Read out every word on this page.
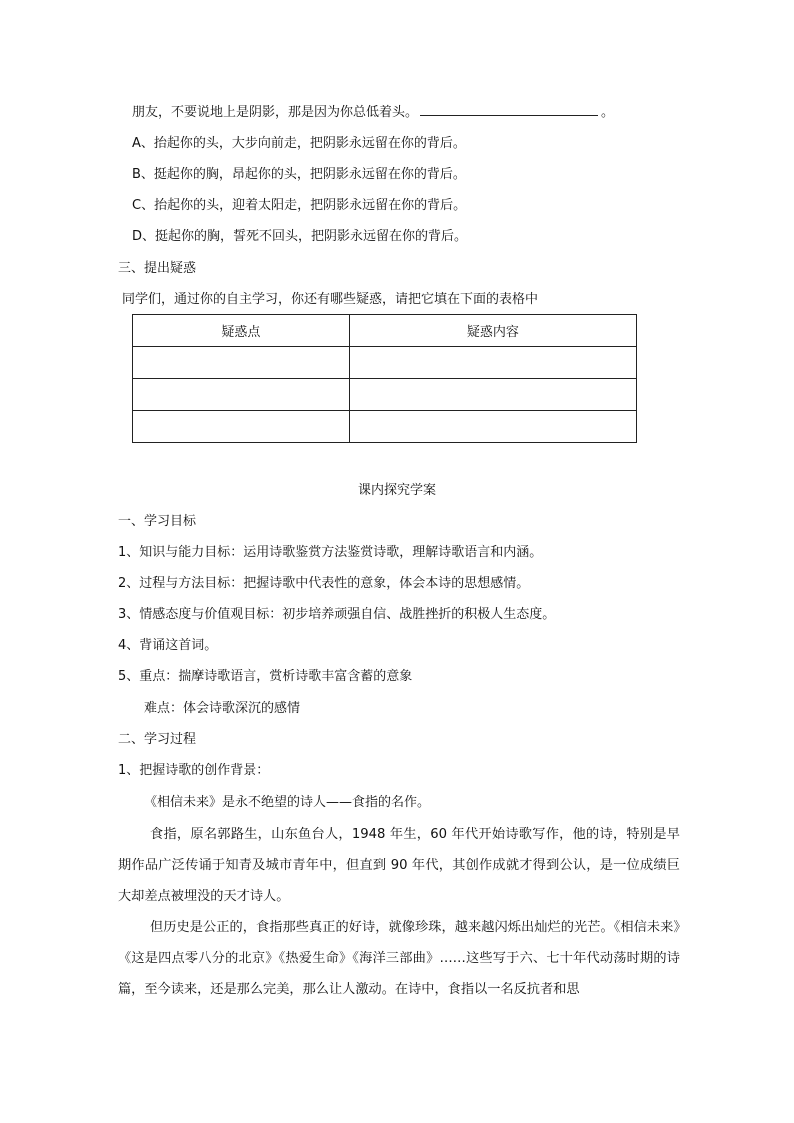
朋友，不要说地上是阴影，那是因为你总低着头。	。
A、抬起你的头，大步向前走，把阴影永远留在你的背后。
B、挺起你的胸，昂起你的头，把阴影永远留在你的背后。
C、抬起你的头，迎着太阳走，把阴影永远留在你的背后。
D、挺起你的胸，誓死不回头，把阴影永远留在你的背后。
三、提出疑惑
同学们，通过你的自主学习，你还有哪些疑惑，请把它填在下面的表格中
疑惑点	疑惑内容

课内探究学案
一、学习目标
1、知识与能力目标：运用诗歌鉴赏方法鉴赏诗歌，理解诗歌语言和内涵。
2、过程与方法目标：把握诗歌中代表性的意象，体会本诗的思想感情。
3、情感态度与价值观目标：初步培养顽强自信、战胜挫折的积极人生态度。
4、背诵这首词。
5、重点：揣摩诗歌语言，赏析诗歌丰富含蓄的意象
难点：体会诗歌深沉的感情
二、学习过程
1、把握诗歌的创作背景：
《相信未来》是永不绝望的诗人——食指的名作。
食指，原名郭路生，山东鱼台人，1948 年生，60 年代开始诗歌写作，他的诗，特别是早期作品广泛传诵于知青及城市青年中，但直到 90 年代，其创作成就才得到公认，是一位成绩巨大却差点被埋没的天才诗人。
但历史是公正的，食指那些真正的好诗，就像珍珠，越来越闪烁出灿烂的光芒。《相信未来》《这是四点零八分的北京》《热爱生命》《海洋三部曲》……这些写于六、七十年代动荡时期的诗篇，至今读来，还是那么完美，那么让人激动。在诗中，食指以一名反抗者和思
